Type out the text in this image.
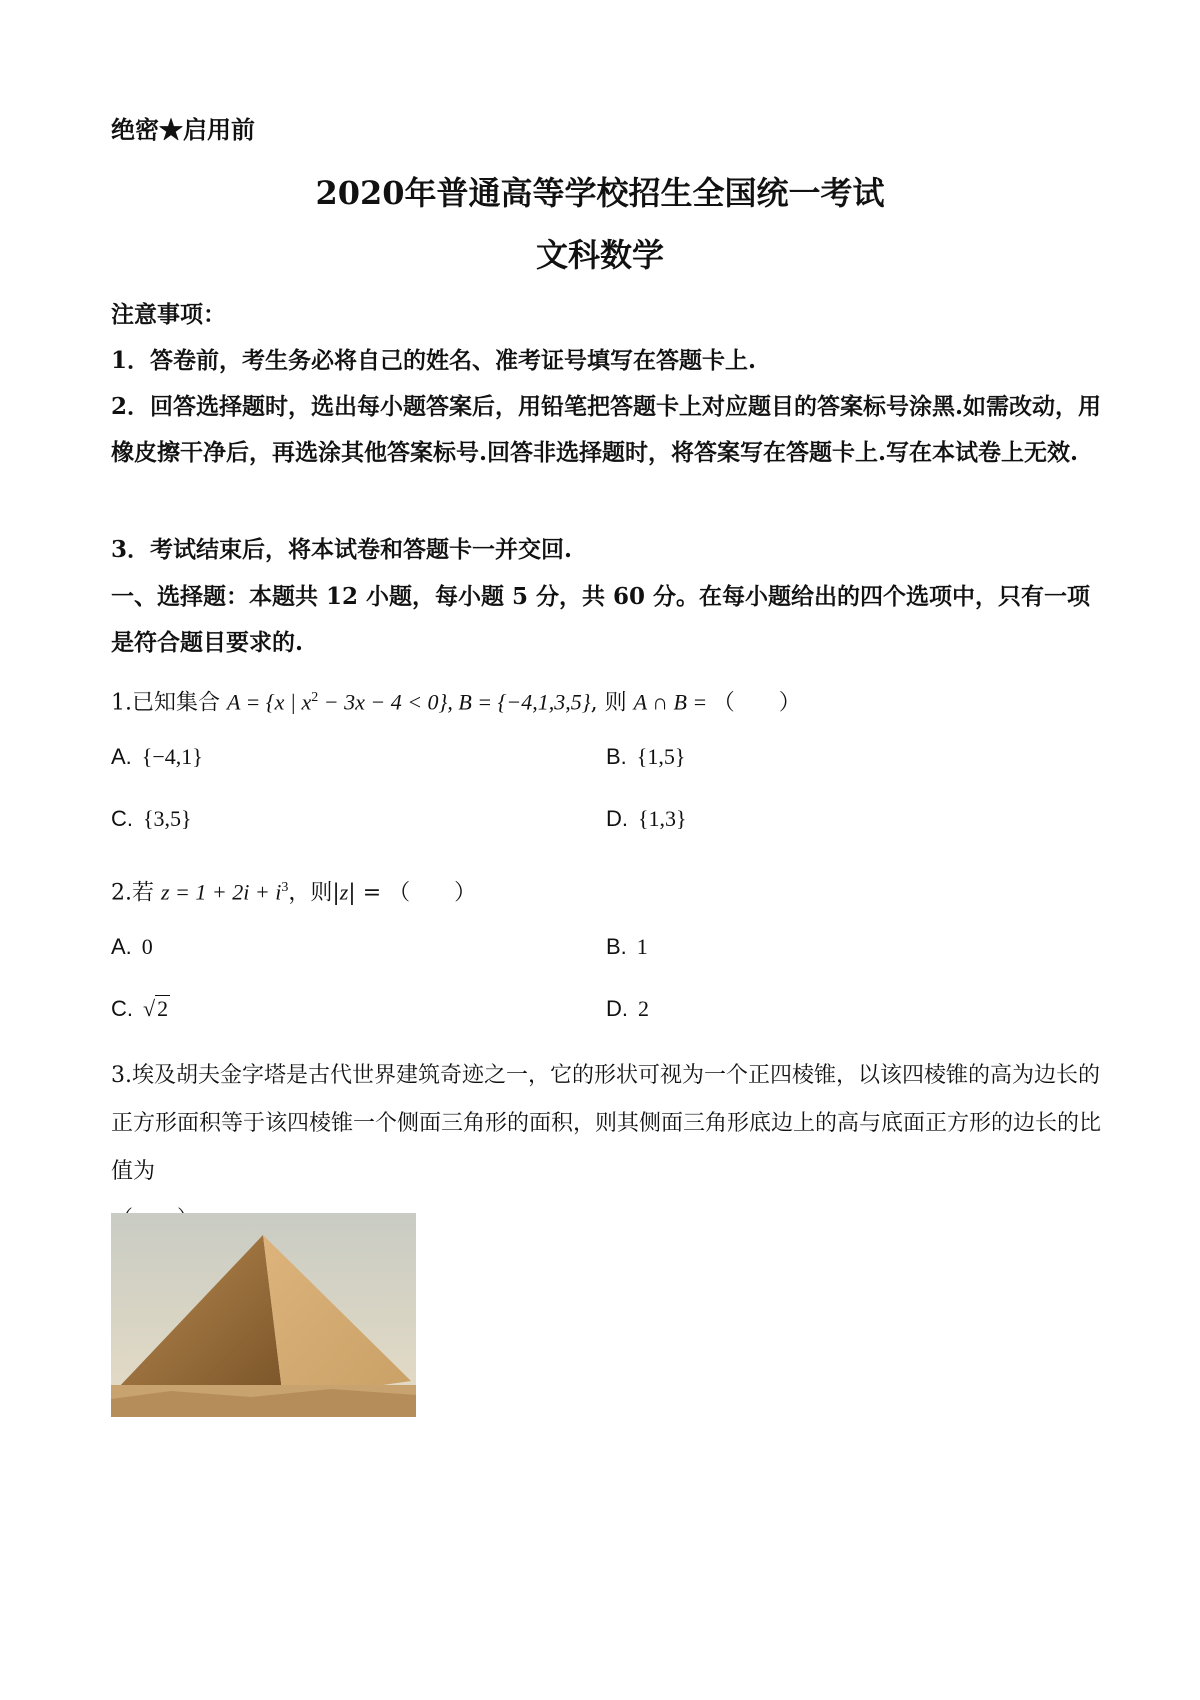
绝密★启用前
2020年普通高等学校招生全国统一考试
文科数学
注意事项：
1．答卷前，考生务必将自己的姓名、准考证号填写在答题卡上.
2．回答选择题时，选出每小题答案后，用铅笔把答题卡上对应题目的答案标号涂黑.如需改动，用橡皮擦干净后，再选涂其他答案标号.回答非选择题时，将答案写在答题卡上.写在本试卷上无效.
3．考试结束后，将本试卷和答题卡一并交回.
一、选择题：本题共 12 小题，每小题 5 分，共 60 分。在每小题给出的四个选项中，只有一项是符合题目要求的.
1.已知集合 A = {x | $x^2 - 3x - 4 < 0$}, B = {−4,1,3,5}, 则 A ∩ B = （　　）
A. {−4,1}	B. {1,5}
C. {3,5}	D. {1,3}
2.若 $z = 1 + 2i + i^3$，则|z| = （　　）
A. 0	B. 1
C. √2	D. 2
3.埃及胡夫金字塔是古代世界建筑奇迹之一，它的形状可视为一个正四棱锥，以该四棱锥的高为边长的正方形面积等于该四棱锥一个侧面三角形的面积，则其侧面三角形底边上的高与底面正方形的边长的比值为
